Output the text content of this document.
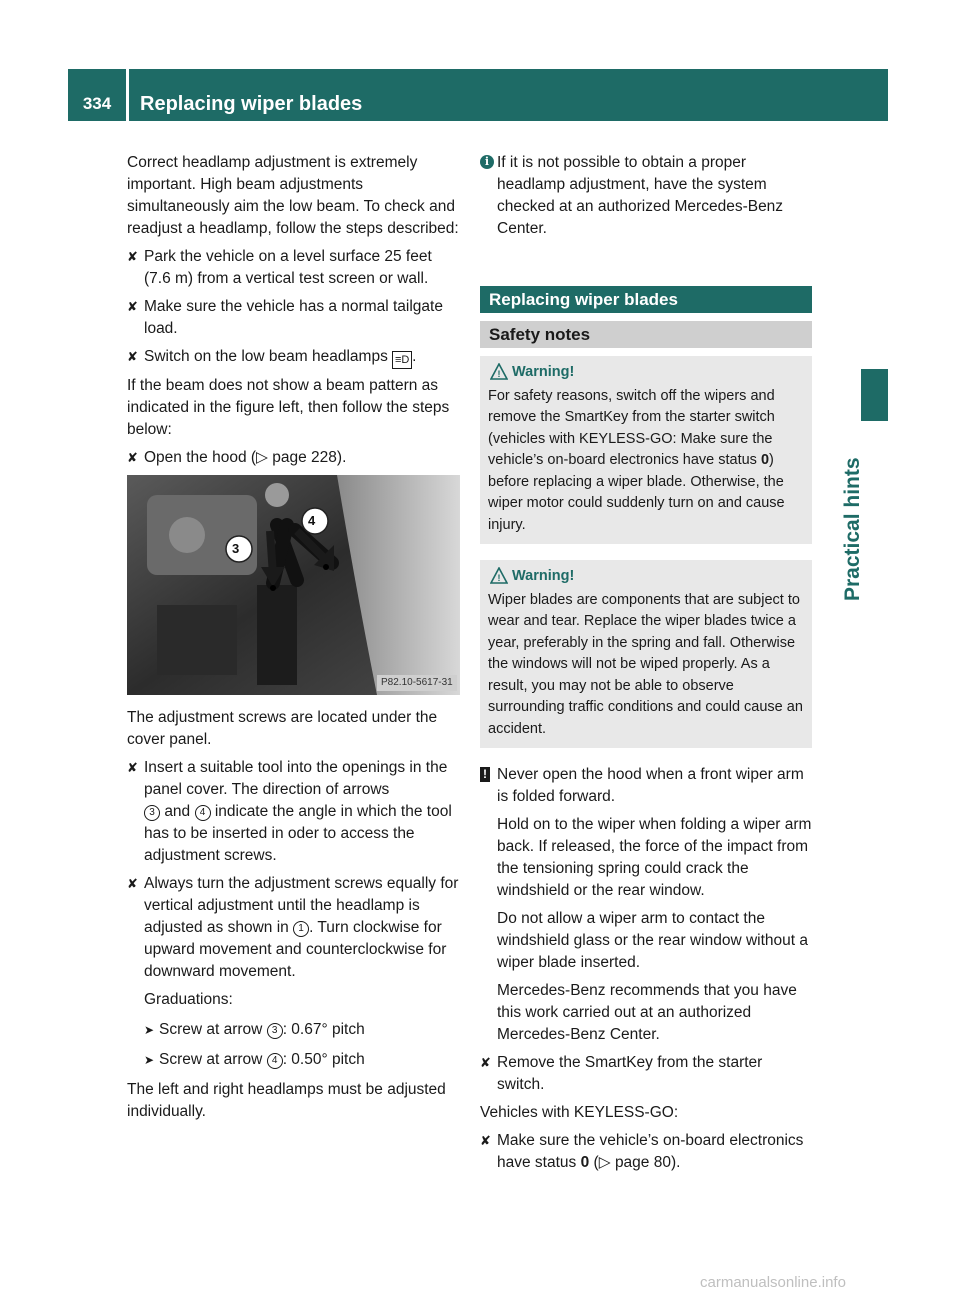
334	Replacing wiper blades
Practical hints

Correct headlamp adjustment is extremely important. High beam adjustments simultaneously aim the low beam. To check and readjust a headlamp, follow the steps described:

✘ Park the vehicle on a level surface 25 feet (7.6 m) from a vertical test screen or wall.
✘ Make sure the vehicle has a normal tailgate load.
✘ Switch on the low beam headlamps ≡D .

If the beam does not show a beam pattern as indicated in the figure left, then follow the steps below:

✘ Open the hood (▷ page 228).
3
4
P82.10-5617-31

The adjustment screws are located under the cover panel.

✘ Insert a suitable tool into the openings in the panel cover. The direction of arrows
3 and 4 indicate the angle in which the tool has to be inserted in oder to access the adjustment screws.
✘ Always turn the adjustment screws equally for vertical adjustment until the headlamp is adjusted as shown in 1 . Turn clockwise for upward movement and counterclockwise for downward movement.

Graduations:

➤ Screw at arrow 3 : 0.67° pitch
➤ Screw at arrow 4 : 0.50° pitch

The left and right headlamps must be adjusted individually.

i If it is not possible to obtain a proper headlamp adjustment, have the system checked at an authorized Mercedes-Benz Center.
Replacing wiper blades
Safety notes
! Warning!
For safety reasons, switch off the wipers and remove the SmartKey from the starter switch (vehicles with KEYLESS-GO: Make sure the vehicle’s on-board electronics have status 0) before replacing a wiper blade. Otherwise, the wiper motor could suddenly turn on and cause injury.
! Warning!
Wiper blades are components that are subject to wear and tear. Replace the wiper blades twice a year, preferably in the spring and fall. Otherwise the windows will not be wiped properly. As a result, you may not be able to observe surrounding traffic conditions and could cause an accident.
! Never open the hood when a front wiper arm is folded forward.

Hold on to the wiper when folding a wiper arm back. If released, the force of the impact from the tensioning spring could crack the windshield or the rear window.

Do not allow a wiper arm to contact the windshield glass or the rear window without a wiper blade inserted.

Mercedes-Benz recommends that you have this work carried out at an authorized Mercedes-Benz Center.

✘ Remove the SmartKey from the starter switch.

Vehicles with KEYLESS-GO:

✘ Make sure the vehicle’s on-board electronics have status 0 (▷ page 80).
carmanualsonline.info
